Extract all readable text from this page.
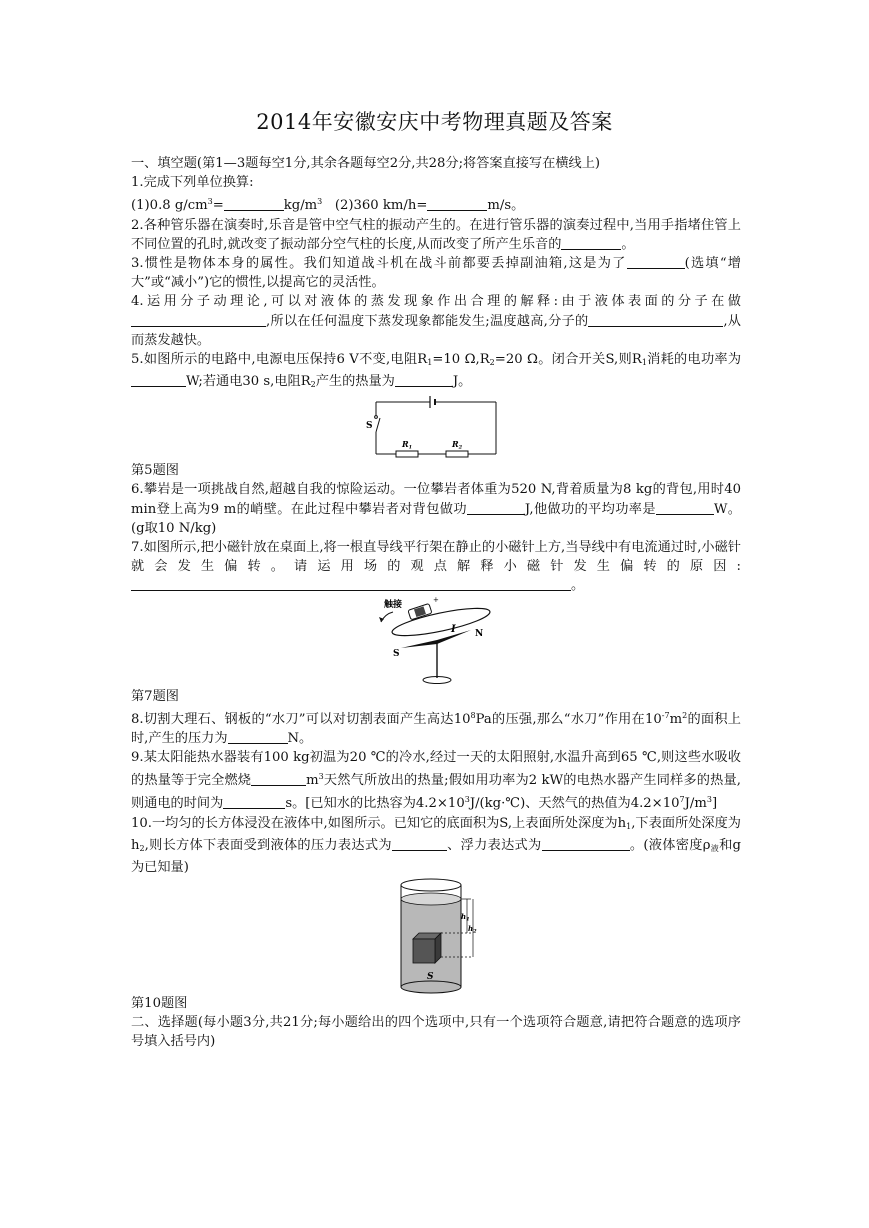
2014年安徽安庆中考物理真题及答案

一、填空题(第1—3题每空1分,其余各题每空2分,共28分;将答案直接写在横线上)

1.完成下列单位换算:

(1)0.8 $g/cm^3=$	$kg/m^3$ (2)360 km/h=	m/s。

2.各种管乐器在演奏时,乐音是管中空气柱的振动产生的。在进行管乐器的演奏过程中,当用手指堵住管上不同位置的孔时,就改变了振动部分空气柱的长度,从而改变了所产生乐音的	。

3.惯性是物体本身的属性。我们知道战斗机在战斗前都要丢掉副油箱,这是为了	(选填“增大”或“减小”)它的惯性,以提高它的灵活性。

4.运用分子动理论,可以对液体的蒸发现象作出合理的解释:由于液体表面的分子在做,所以在任何温度下蒸发现象都能发生;温度越高,分子的	,从而蒸发越快。

5.如图所示的电路中,电源电压保持6 V不变,电阻$R_1=10$ $\Omega,R_2=20$ Ω。闭合开关S,则$R_1$消耗的电功率为W;若通电30 s,电阻$R_2$产生的热量为	J。

S
R1	R2

第5题图

6.攀岩是一项挑战自然,超越自我的惊险运动。一位攀岩者体重为520 N,背着质量为8 kg的背包,用时40 min登上高为9 m的峭壁。在此过程中攀岩者对背包做功	J,他做功的平均功率是	W。(g取10 N/kg)

7.如图所示,把小磁针放在桌面上,将一根直导线平行架在静止的小磁针上方,当导线中有电流通过时,小磁针就会发生偏转。请运用场的观点解释小磁针发生偏转的原因:。

触接	+
I N
S

第7题图

8.切割大理石、钢板的“水刀”可以对切割表面产生高达$10^8Pa$的压强,那么“水刀”作用在$10^{-7}m^2$的面积上时,产生的压力为	N。

9.某太阳能热水器装有100 kg初温为20 ℃的冷水,经过一天的太阳照射,水温升高到65 ℃,则这些水吸收的热量等于完全燃烧	$m^3$天然气所放出的热量;假如用功率为2 kW的电热水器产生同样多的热量,则通电的时间为	s。[已知水的比热容为$4.2\times 10^3J/(kg\cdot℃)$、天然气的热值为$4.2\times 10^7J/m^3$]

10.一均匀的长方体浸没在液体中,如图所示。已知它的底面积为S,上表面所处深度为$h_1$,下表面所处深度为$h_2$,则长方体下表面受到液体的压力表达式为	、浮力表达式为	。(液体密度$\rho_液$和g为已知量)

$h_1$
$h_2$
S

第10题图

二、选择题(每小题3分,共21分;每小题给出的四个选项中,只有一个选项符合题意,请把符合题意的选项序号填入括号内)
